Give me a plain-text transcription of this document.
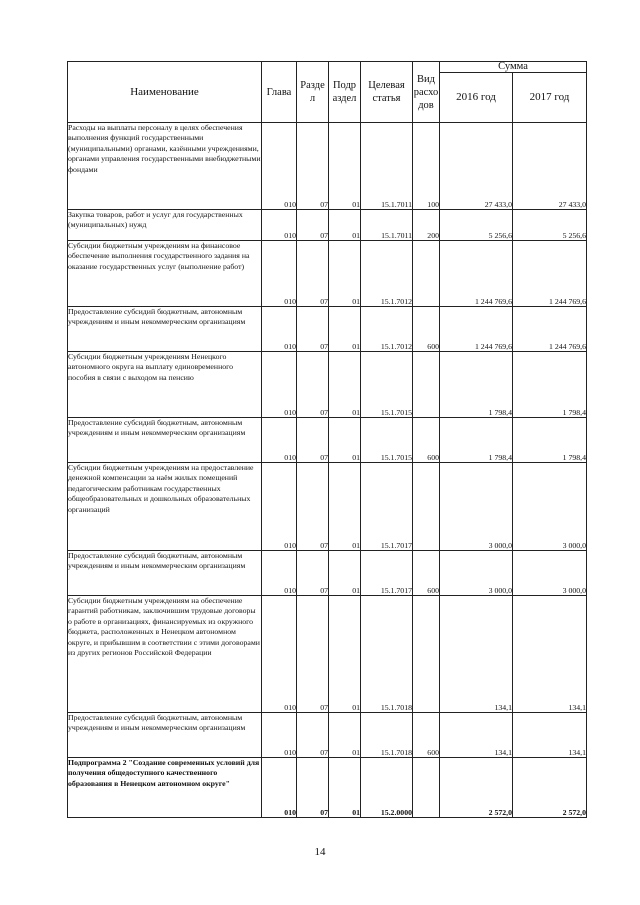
Наименование	Глава	Разде л	Подр аздел	Целевая статья	Вид расхо дов	Сумма	
						2016 год	2017 год
Расходы на выплаты персоналу в целях обеспечения выполнения функций государственными (муниципальными) органами, казёнными учреждениями, органами управления государственными внебюджетными фондами	010	07	01	15.1.7011	100	27 433,0	27 433,0
Закупка товаров, работ и услуг для государственных (муниципальных) нужд	010	07	01	15.1.7011	200	5 256,6	5 256,6
Субсидии бюджетным учреждениям на финансовое обеспечение выполнения государственного задания на оказание государственных услуг (выполнение работ)	010	07	01	15.1.7012		1 244 769,6	1 244 769,6
Предоставление субсидий бюджетным, автономным учреждениям и иным некоммерческим организациям	010	07	01	15.1.7012	600	1 244 769,6	1 244 769,6
Субсидии бюджетным учреждениям Ненецкого автономного округа на выплату единовременного пособия в связи с выходом на пенсию	010	07	01	15.1.7015		1 798,4	1 798,4
Предоставление субсидий бюджетным, автономным учреждениям и иным некоммерческим организациям	010	07	01	15.1.7015	600	1 798,4	1 798,4
Субсидии бюджетным учреждениям на предоставление денежной компенсации за наём жилых помещений педагогическим работникам государственных общеобразовательных и дошкольных образовательных организаций	010	07	01	15.1.7017		3 000,0	3 000,0
Предоставление субсидий бюджетным, автономным учреждениям и иным некоммерческим организациям	010	07	01	15.1.7017	600	3 000,0	3 000,0
Субсидии бюджетным учреждениям на обеспечение гарантий работникам, заключившим трудовые договоры о работе в организациях, финансируемых из окружного бюджета, расположенных в Ненецком автономном округе, и прибывшим в соответствии с этими договорами из других регионов Российской Федерации	010	07	01	15.1.7018		134,1	134,1
Предоставление субсидий бюджетным, автономным учреждениям и иным некоммерческим организациям	010	07	01	15.1.7018	600	134,1	134,1
Подпрограмма 2 "Создание современных условий для получения общедоступного качественного образования в Ненецком автономном округе"	010	07	01	15.2.0000		2 572,0	2 572,0
14
